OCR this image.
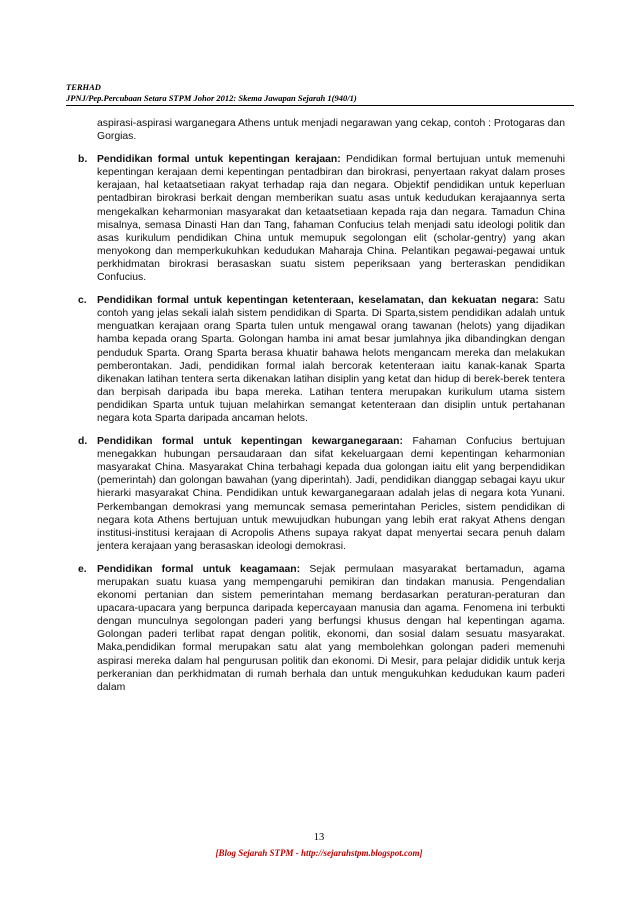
TERHAD
JPNJ/Pep.Percubaan Setara STPM Johor 2012: Skema Jawapan Sejarah 1(940/1)

aspirasi-aspirasi warganegara Athens untuk menjadi negarawan yang cekap, contoh : Protogaras dan Gorgias.

b. Pendidikan formal untuk kepentingan kerajaan: Pendidikan formal bertujuan untuk memenuhi kepentingan kerajaan demi kepentingan pentadbiran dan birokrasi, penyertaan rakyat dalam proses kerajaan, hal ketaatsetiaan rakyat terhadap raja dan negara. Objektif pendidikan untuk keperluan pentadbiran birokrasi berkait dengan memberikan suatu asas untuk kedudukan kerajaannya serta mengekalkan keharmonian masyarakat dan ketaatsetiaan kepada raja dan negara. Tamadun China misalnya, semasa Dinasti Han dan Tang, fahaman Confucius telah menjadi satu ideologi politik dan asas kurikulum pendidikan China untuk memupuk segolongan elit (scholar-gentry) yang akan menyokong dan memperkukuhkan kedudukan Maharaja China. Pelantikan pegawai-pegawai untuk perkhidmatan birokrasi berasaskan suatu sistem peperiksaan yang berteraskan pendidikan Confucius.

c. Pendidikan formal untuk kepentingan ketenteraan, keselamatan, dan kekuatan negara: Satu contoh yang jelas sekali ialah sistem pendidikan di Sparta. Di Sparta,sistem pendidikan adalah untuk menguatkan kerajaan orang Sparta tulen untuk mengawal orang tawanan (helots) yang dijadikan hamba kepada orang Sparta. Golongan hamba ini amat besar jumlahnya jika dibandingkan dengan penduduk Sparta. Orang Sparta berasa khuatir bahawa helots mengancam mereka dan melakukan pemberontakan. Jadi, pendidikan formal ialah bercorak ketenteraan iaitu kanak-kanak Sparta dikenakan latihan tentera serta dikenakan latihan disiplin yang ketat dan hidup di berek-berek tentera dan berpisah daripada ibu bapa mereka. Latihan tentera merupakan kurikulum utama sistem pendidikan Sparta untuk tujuan melahirkan semangat ketenteraan dan disiplin untuk pertahanan negara kota Sparta daripada ancaman helots.

d. Pendidikan formal untuk kepentingan kewarganegaraan: Fahaman Confucius bertujuan menegakkan hubungan persaudaraan dan sifat kekeluargaan demi kepentingan keharmonian masyarakat China. Masyarakat China terbahagi kepada dua golongan iaitu elit yang berpendidikan (pemerintah) dan golongan bawahan (yang diperintah). Jadi, pendidikan dianggap sebagai kayu ukur hierarki masyarakat China. Pendidikan untuk kewarganegaraan adalah jelas di negara kota Yunani. Perkembangan demokrasi yang memuncak semasa pemerintahan Pericles, sistem pendidikan di negara kota Athens bertujuan untuk mewujudkan hubungan yang lebih erat rakyat Athens dengan institusi-institusi kerajaan di Acropolis Athens supaya rakyat dapat menyertai secara penuh dalam jentera kerajaan yang berasaskan ideologi demokrasi.

e. Pendidikan formal untuk keagamaan: Sejak permulaan masyarakat bertamadun, agama merupakan suatu kuasa yang mempengaruhi pemikiran dan tindakan manusia. Pengendalian ekonomi pertanian dan sistem pemerintahan memang berdasarkan peraturan-peraturan dan upacara-upacara yang berpunca daripada kepercayaan manusia dan agama. Fenomena ini terbukti dengan munculnya segolongan paderi yang berfungsi khusus dengan hal kepentingan agama. Golongan paderi terlibat rapat dengan politik, ekonomi, dan sosial dalam sesuatu masyarakat. Maka,pendidikan formal merupakan satu alat yang membolehkan golongan paderi memenuhi aspirasi mereka dalam hal pengurusan politik dan ekonomi. Di Mesir, para pelajar dididik untuk kerja perkeranian dan perkhidmatan di rumah berhala dan untuk mengukuhkan kedudukan kaum paderi dalam

13
[Blog Sejarah STPM - http://sejarahstpm.blogspot.com]
